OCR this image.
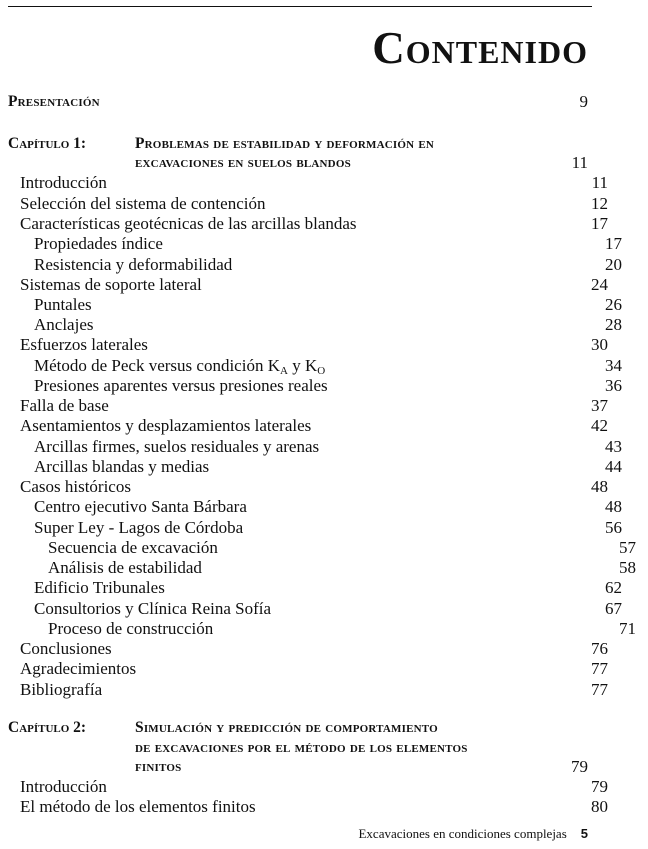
Contenido
Presentación	9
Capítulo 1:	Problemas de estabilidad y deformación en
excavaciones en suelos blandos	11
Introducción	11
Selección del sistema de contención	12
Características geotécnicas de las arcillas blandas	17
Propiedades índice	17
Resistencia y deformabilidad	20
Sistemas de soporte lateral	24
Puntales	26
Anclajes	28
Esfuerzos laterales	30
Método de Peck versus condición $K_A$ y $K_O$	34
Presiones aparentes versus presiones reales	36
Falla de base	37
Asentamientos y desplazamientos laterales	42
Arcillas firmes, suelos residuales y arenas	43
Arcillas blandas y medias	44
Casos históricos	48
Centro ejecutivo Santa Bárbara	48
Super Ley - Lagos de Córdoba	56
Secuencia de excavación	57
Análisis de estabilidad	58
Edificio Tribunales	62
Consultorios y Clínica Reina Sofía	67
Proceso de construcción	71
Conclusiones	76
Agradecimientos	77
Bibliografía	77
Capítulo 2:	Simulación y predicción de comportamiento
de excavaciones por el método de los elementos
finitos	79
Introducción	79
El método de los elementos finitos	80
Excavaciones en condiciones complejas 5
